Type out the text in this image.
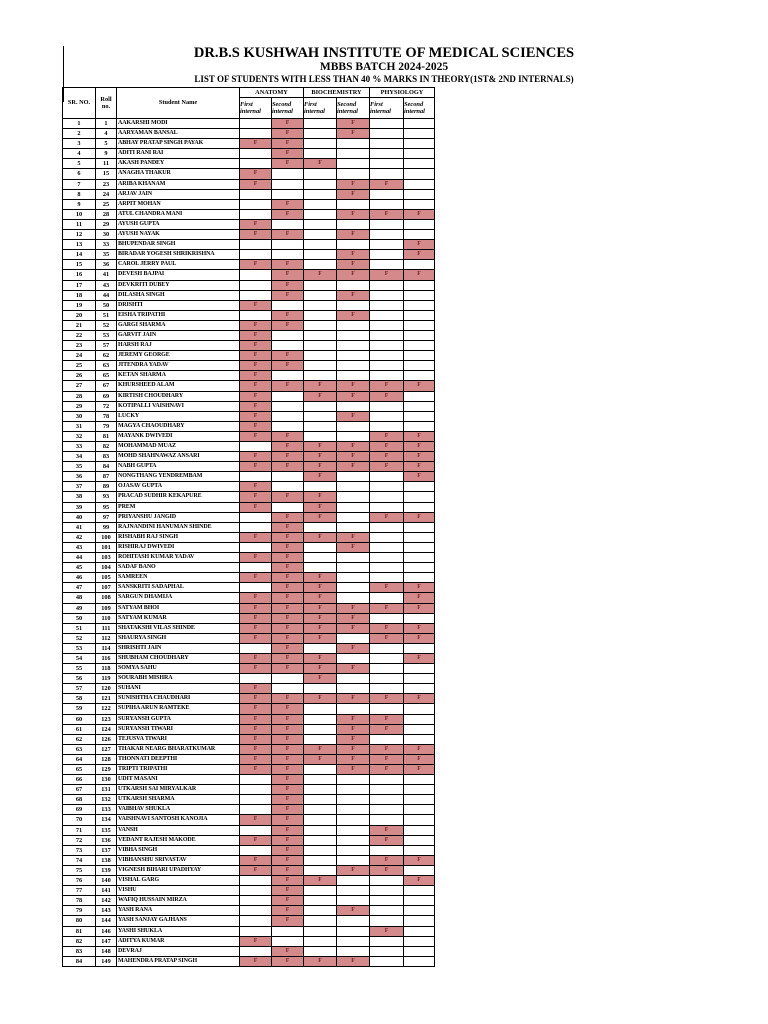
DR.B.S KUSHWAH INSTITUTE OF MEDICAL SCIENCES
MBBS BATCH 2024-2025
LIST OF STUDENTS WITH LESS THAN 40 % MARKS IN THEORY(1ST& 2ND INTERNALS)
SR. NO.	Roll no.	Student Name	ANATOMY		BIOCHEMISTRY		PHYSIOLOGY	
			First internal	Second internal	First internal	Second internal	First internal	Second internal
1	1	AAKARSHI MODI		F		F		
2	4	AARYAMAN BANSAL		F		F		
3	5	ABHAY PRATAP SINGH PAYAK	F	F				
4	9	ADITI RANI RAI		F				
5	11	AKASH PANDEY		F	F			
6	15	ANAGHA THAKUR	F					
7	23	ARIBA KHANAM	F			F	F	
8	24	ARJAV JAIN				F		
9	25	ARPIT MOHAN		F				
10	28	ATUL CHANDRA MANI		F		F	F	F
11	29	AYUSH GUPTA	F					
12	30	AYUSH NAYAK	F	F		F		
13	33	BHUPENDAR SINGH						F
14	35	BIRADAR YOGESH SHRIKRISHNA				F		F
15	36	CAROL JERRY PAUL	F	F		F		
16	41	DEVESH BAJPAI		F	F	F	F	F
17	43	DEVKRITI DUBEY		F				
18	44	DILASHA SINGH		F		F		
19	50	DRISHTI	F					
20	51	EISHA TRIPATHI		F		F		
21	52	GARGI SHARMA	F	F				
22	53	GARVIT JAIN	F					
23	57	HARSH RAJ	F					
24	62	JEREMY GEORGE	F	F				
25	63	JITENDRA YADAV	F	F				
26	65	KETAN SHARMA	F					
27	67	KHURSHEED ALAM	F	F	F	F	F	F
28	69	KIRTISH CHOUDHARY	F		F	F	F	
29	72	KOTIPALLI VAISHNAVI	F					
30	78	LUCKY	F			F		
31	79	MAGYA CHAOUDHARY	F					
32	81	MAYANK DWIVEDI	F	F			F	F
33	82	MOHAMMAD MUAZ		F	F	F	F	F
34	83	MOHD SHAHNAWAZ ANSARI	F	F	F	F	F	F
35	84	NABH GUPTA	F	F	F	F	F	F
36	87	NONGTHANG YENDREMBAM			F			F
37	89	OJASAV GUPTA	F					
38	93	PRACAD SUDHIR KEKAPURE	F	F	F			
39	95	PREM	F		F			
40	97	PRIYANSHU JANGID		F	F		F	F
41	99	RAJNANDINI HANUMAN SHINDE		F				
42	100	RISHABH RAJ SINGH	F	F	F	F		
43	101	RISHIRAJ DWIVEDI		F		F		
44	103	ROHITASH KUMAR YADAV	F	F				
45	104	SADAF BANO		F				
46	105	SAMREEN	F	F	F			
47	107	SANSKRITI SADAPHAL		F	F		F	F
48	108	SARGUN DHAMIJA	F	F	F			F
49	109	SATYAM BHOI	F	F	F	F	F	F
50	110	SATYAM KUMAR	F	F	F	F		
51	111	SHATAKSHI VILAS SHINDE	F	F	F	F	F	F
52	112	SHAURYA SINGH	F	F	F		F	F
53	114	SHRISHTI JAIN		F		F		
54	116	SHUBHAM CHOUDHARY	F	F	F			F
55	118	SOMYA SAHU	F	F	F	F		
56	119	SOURABH MISHRA			F			
57	120	SUHANI	F					
58	121	SUNISHTHA CHAUDHARI	F	F	F	F	F	F
59	122	SUPIHA ARUN RAMTEKE	F	F				
60	123	SURYANSH GUPTA	F	F		F	F	
61	124	SURYANSH TIWARI	F	F		F	F	
62	126	TEJUSVA TIWARI	F	F		F		
63	127	THAKAR NEARG BHARATKUMAR	F	F	F	F	F	F
64	128	THONNATI DEEPTHI	F	F	F	F	F	F
65	129	TRIPTI TRIPATHI	F	F		F	F	F
66	130	UDIT MASANI		F				
67	131	UTKARSH SAI MIRYALKAR		F				
68	132	UTKARSH SHARMA		F				
69	133	VAIBHAV SHUKLA		F				
70	134	VAISHNAVI SANTOSH KANOJIA	F	F				
71	135	VANSH		F			F	
72	136	VEDANT RAJESH MAKODE	F	F			F	
73	137	VIBHA SINGH		F				
74	138	VIBHANSHU SRIVASTAV	F	F			F	F
75	139	VIGNESH BIHARI UPADHYAY	F	F		F	F	
76	140	VISHAL GARG		F	F			F
77	141	VISHU		F				
78	142	WAFIQ HUSSAIN MIRZA		F				
79	143	YASH RANA		F		F		
80	144	YASH SANJAY GAJHANS		F				
81	146	YASHI SHUKLA					F	
82	147	ADITYA KUMAR	F					
83	148	DEVRAJ		F				
84	149	MAHENDRA PRATAP SINGH	F	F	F	F		
